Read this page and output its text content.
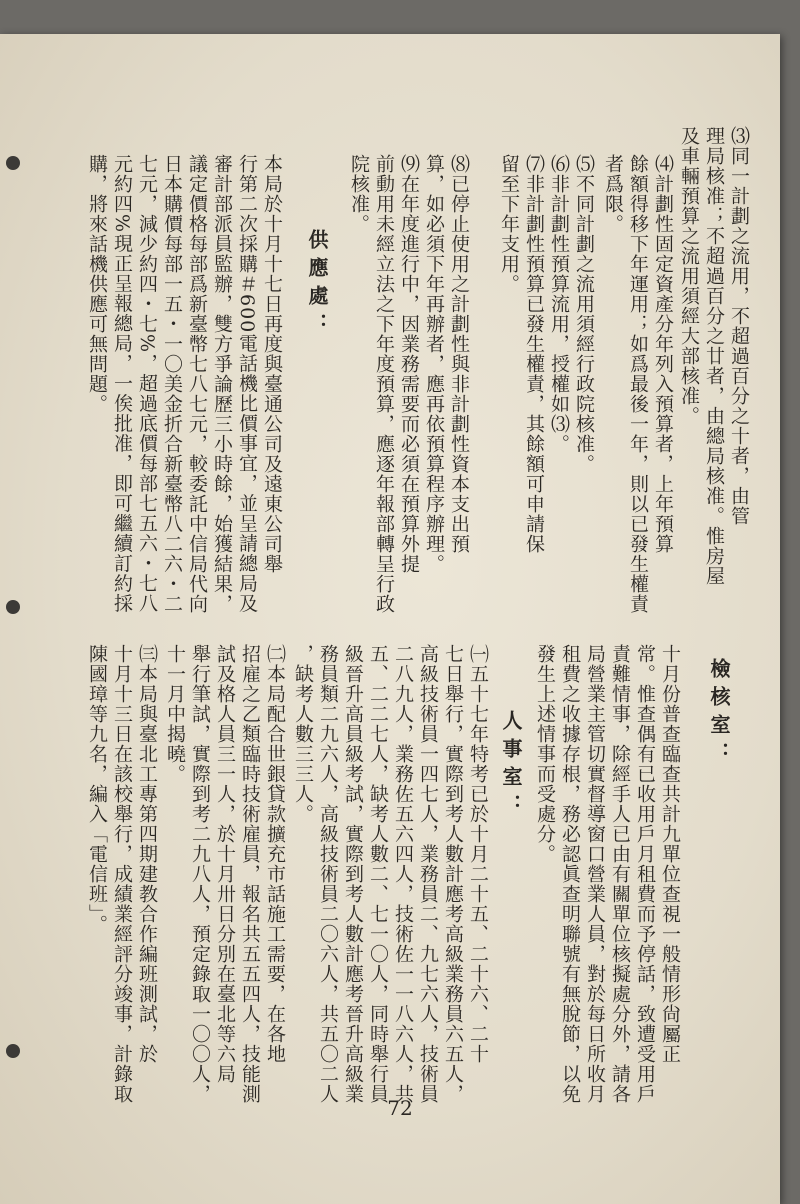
⑶同一計劃之流用，不超過百分之十者，由管
理局核准；不超過百分之廿者，由總局核准。惟房屋
及車輛預算之流用須經大部核准。
⑷計劃性固定資產分年列入預算者，上年預算
餘額得移下年運用；如爲最後一年，則以已發生權責
者爲限。
⑸不同計劃之流用須經行政院核准。
⑹非計劃性預算流用，授權如⑶。
⑺非計劃性預算已發生權責，其餘額可申請保
留至下年支用。
⑻已停止使用之計劃性與非計劃性資本支出預
算，如必須下年再辦者，應再依預算程序辦理。
⑼在年度進行中，因業務需要而必須在預算外提
前動用未經立法之下年度預算，應逐年報部轉呈行政
院核准。
供應處：
本局於十月十七日再度與臺通公司及遠東公司舉
行第二次採購＃600電話機比價事宜，並呈請總局及
審計部派員監辦，雙方爭論歷三小時餘，始獲結果，
議定價格每部爲新臺幣七八七元，較委託中信局代向
日本購價每部一五・一〇美金折合新臺幣八二六・二
七元，減少約四・七%，超過底價每部七五六・七八
元約四%現正呈報總局，一俟批准，即可繼續訂約採
購，將來話機供應可無問題。
檢核室：
十月份普查臨查共計九單位查視一般情形尙屬正
常。惟查偶有已收用戶月租費而予停話，致遭受用戶
責難情事，除經手人已由有關單位核擬處分外，請各
局營業主管切實督導窗口營業人員，對於每日所收月
租費之收據存根，務必認眞查明聯號有無脫節，以免
發生上述情事而受處分。
人事室：
㈠五十七年特考已於十月二十五、二十六、二十
七日舉行，實際到考人數計應考高級業務員六五人，
高級技術員一四七人，業務員二、九七六人，技術員
二八九人，業務佐五六四人，技術佐一一八六人，共
五、二二七人，缺考人數二、七一〇人，同時舉行員
級晉升高員級考試，實際到考人數計應考晉升高級業
務員類二九六人，高級技術員二〇六人，共五〇二人
，缺考人數三三人。
㈡本局配合世銀貸款擴充市話施工需要，在各地
招雇之乙類臨時技術雇員，報名共五五四人，技能測
試及格人員三一人，於十月卅日分別在臺北等六局
舉行筆試，實際到考二九八人，預定錄取一〇〇人，
十一月中揭曉。
㈢本局與臺北工專第四期建教合作編班測試，於
十月十三日在該校舉行，成績業經評分竣事，計錄取
陳國璋等九名，編入「電信班」。
72
